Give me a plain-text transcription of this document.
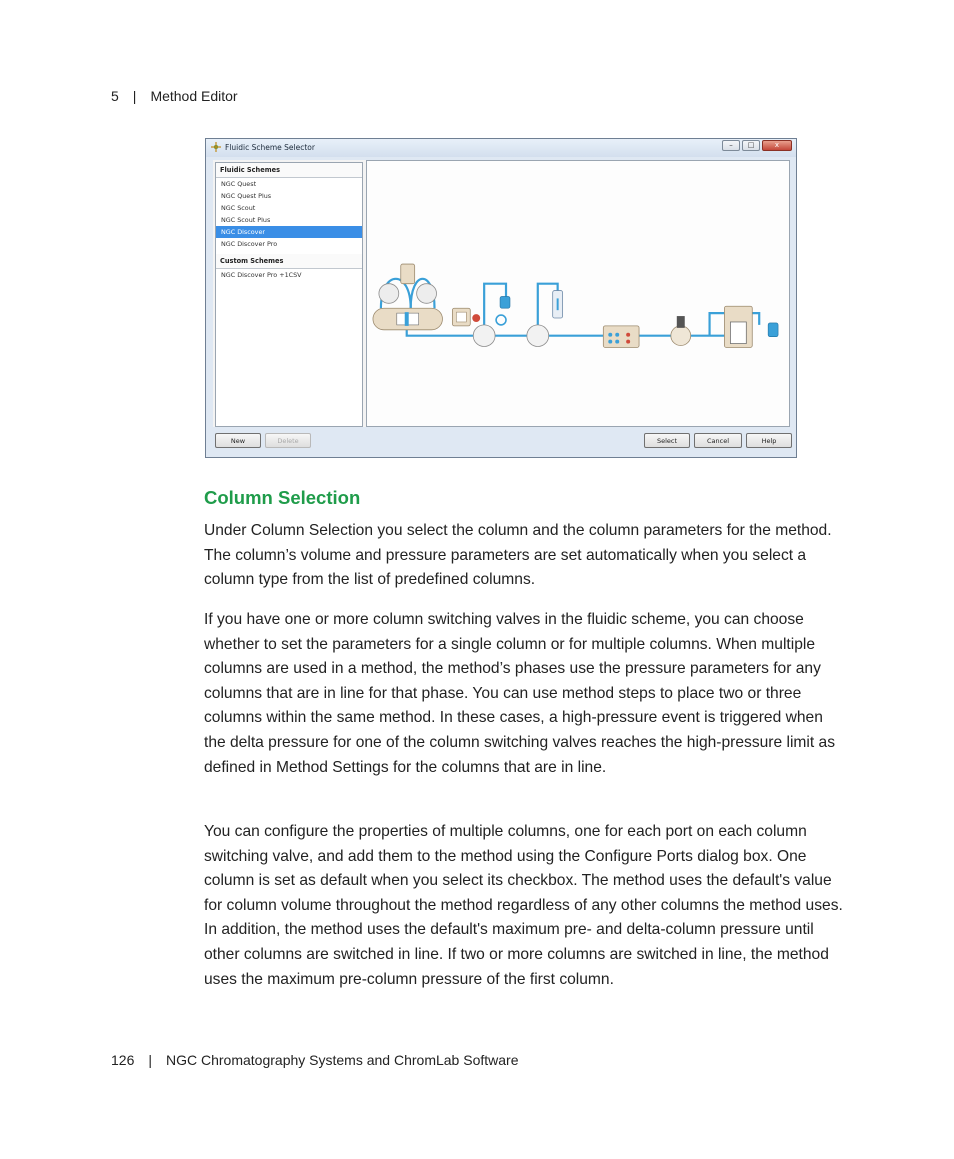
5 | Method Editor
Fluidic Scheme Selector	–	□	x
Fluidic Schemes
NGC Quest
NGC Quest Plus
NGC Scout
NGC Scout Plus
NGC Discover
NGC Discover Pro
Custom Schemes
NGC Discover Pro +1CSV
New	Delete	Select	Cancel	Help
Column Selection

Under Column Selection you select the column and the column parameters for the method. The column’s volume and pressure parameters are set automatically when you select a column type from the list of predefined columns.

If you have one or more column switching valves in the fluidic scheme, you can choose whether to set the parameters for a single column or for multiple columns. When multiple columns are used in a method, the method’s phases use the pressure parameters for any columns that are in line for that phase. You can use method steps to place two or three columns within the same method. In these cases, a high-pressure event is triggered when the delta pressure for one of the column switching valves reaches the high-pressure limit as defined in Method Settings for the columns that are in line.

You can configure the properties of multiple columns, one for each port on each column switching valve, and add them to the method using the Configure Ports dialog box. One column is set as default when you select its checkbox. The method uses the default's value for column volume throughout the method regardless of any other columns the method uses. In addition, the method uses the default's maximum pre- and delta-column pressure until other columns are switched in line. If two or more columns are switched in line, the method uses the maximum pre-column pressure of the first column.

126 | NGC Chromatography Systems and ChromLab Software
